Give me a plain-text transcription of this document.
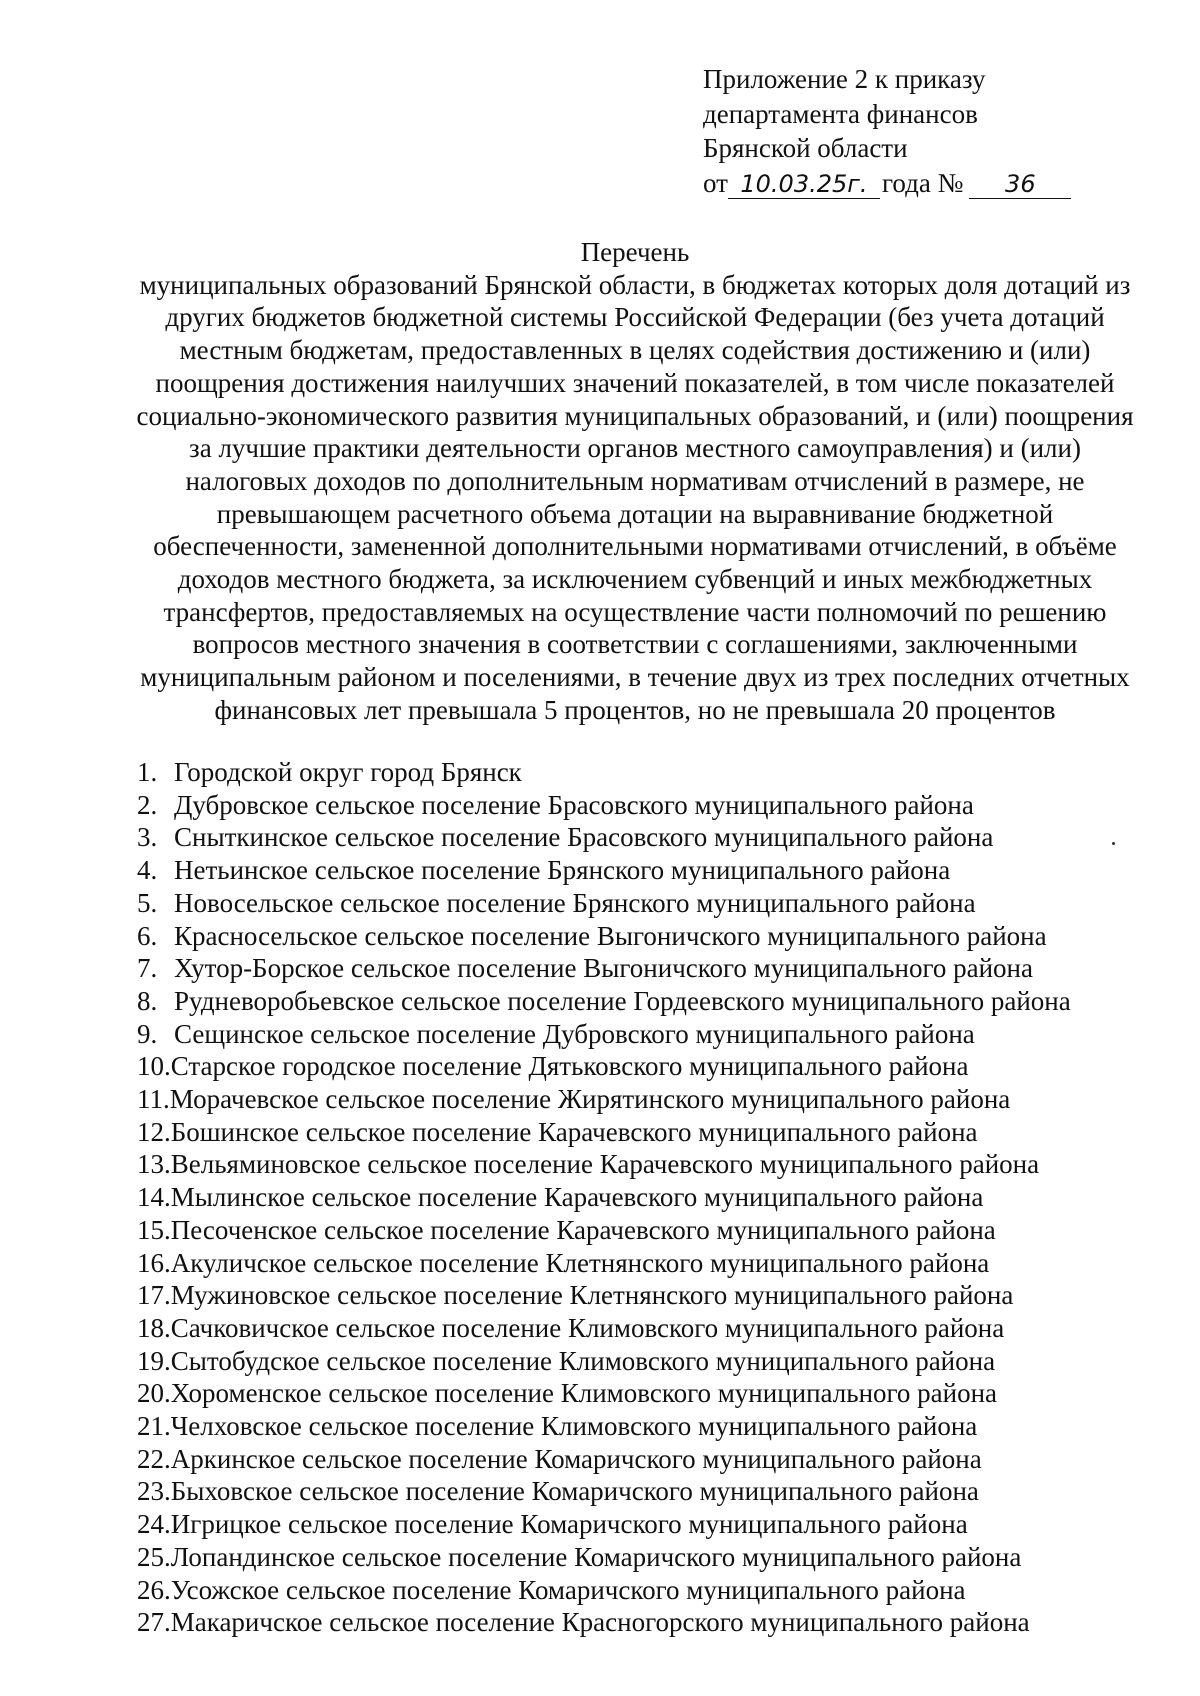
Приложение 2 к приказу
департамента финансов
Брянской области
от 10.03.25г. года № 36
Перечень
муниципальных образований Брянской области, в бюджетах которых доля дотаций из
других бюджетов бюджетной системы Российской Федерации (без учета дотаций
местным бюджетам, предоставленных в целях содействия достижению и (или)
поощрения достижения наилучших значений показателей, в том числе показателей
социально-экономического развития муниципальных образований, и (или) поощрения
за лучшие практики деятельности органов местного самоуправления) и (или)
налоговых доходов по дополнительным нормативам отчислений в размере, не
превышающем расчетного объема дотации на выравнивание бюджетной
обеспеченности, замененной дополнительными нормативами отчислений, в объёме
доходов местного бюджета, за исключением субвенций и иных межбюджетных
трансфертов, предоставляемых на осуществление части полномочий по решению
вопросов местного значения в соответствии с соглашениями, заключенными
муниципальным районом и поселениями, в течение двух из трех последних отчетных
финансовых лет превышала 5 процентов, но не превышала 20 процентов
1. Городской округ город Брянск
2. Дубровское сельское поселение Брасовского муниципального района
3. Сныткинское сельское поселение Брасовского муниципального района
4. Нетьинское сельское поселение Брянского муниципального района
5. Новосельское сельское поселение Брянского муниципального района
6. Красносельское сельское поселение Выгоничского муниципального района
7. Хутор-Борское сельское поселение Выгоничского муниципального района
8. Рудневоробьевское сельское поселение Гордеевского муниципального района
9. Сещинское сельское поселение Дубровского муниципального района
10.Старское городское поселение Дятьковского муниципального района
11.Морачевское сельское поселение Жирятинского муниципального района
12.Бошинское сельское поселение Карачевского муниципального района
13.Вельяминовское сельское поселение Карачевского муниципального района
14.Мылинское сельское поселение Карачевского муниципального района
15.Песоченское сельское поселение Карачевского муниципального района
16.Акуличское сельское поселение Клетнянского муниципального района
17.Мужиновское сельское поселение Клетнянского муниципального района
18.Сачковичское сельское поселение Климовского муниципального района
19.Сытобудское сельское поселение Климовского муниципального района
20.Хороменское сельское поселение Климовского муниципального района
21.Челховское сельское поселение Климовского муниципального района
22.Аркинское сельское поселение Комаричского муниципального района
23.Быховское сельское поселение Комаричского муниципального района
24.Игрицкое сельское поселение Комаричского муниципального района
25.Лопандинское сельское поселение Комаричского муниципального района
26.Усожское сельское поселение Комаричского муниципального района
27.Макаричское сельское поселение Красногорского муниципального района
